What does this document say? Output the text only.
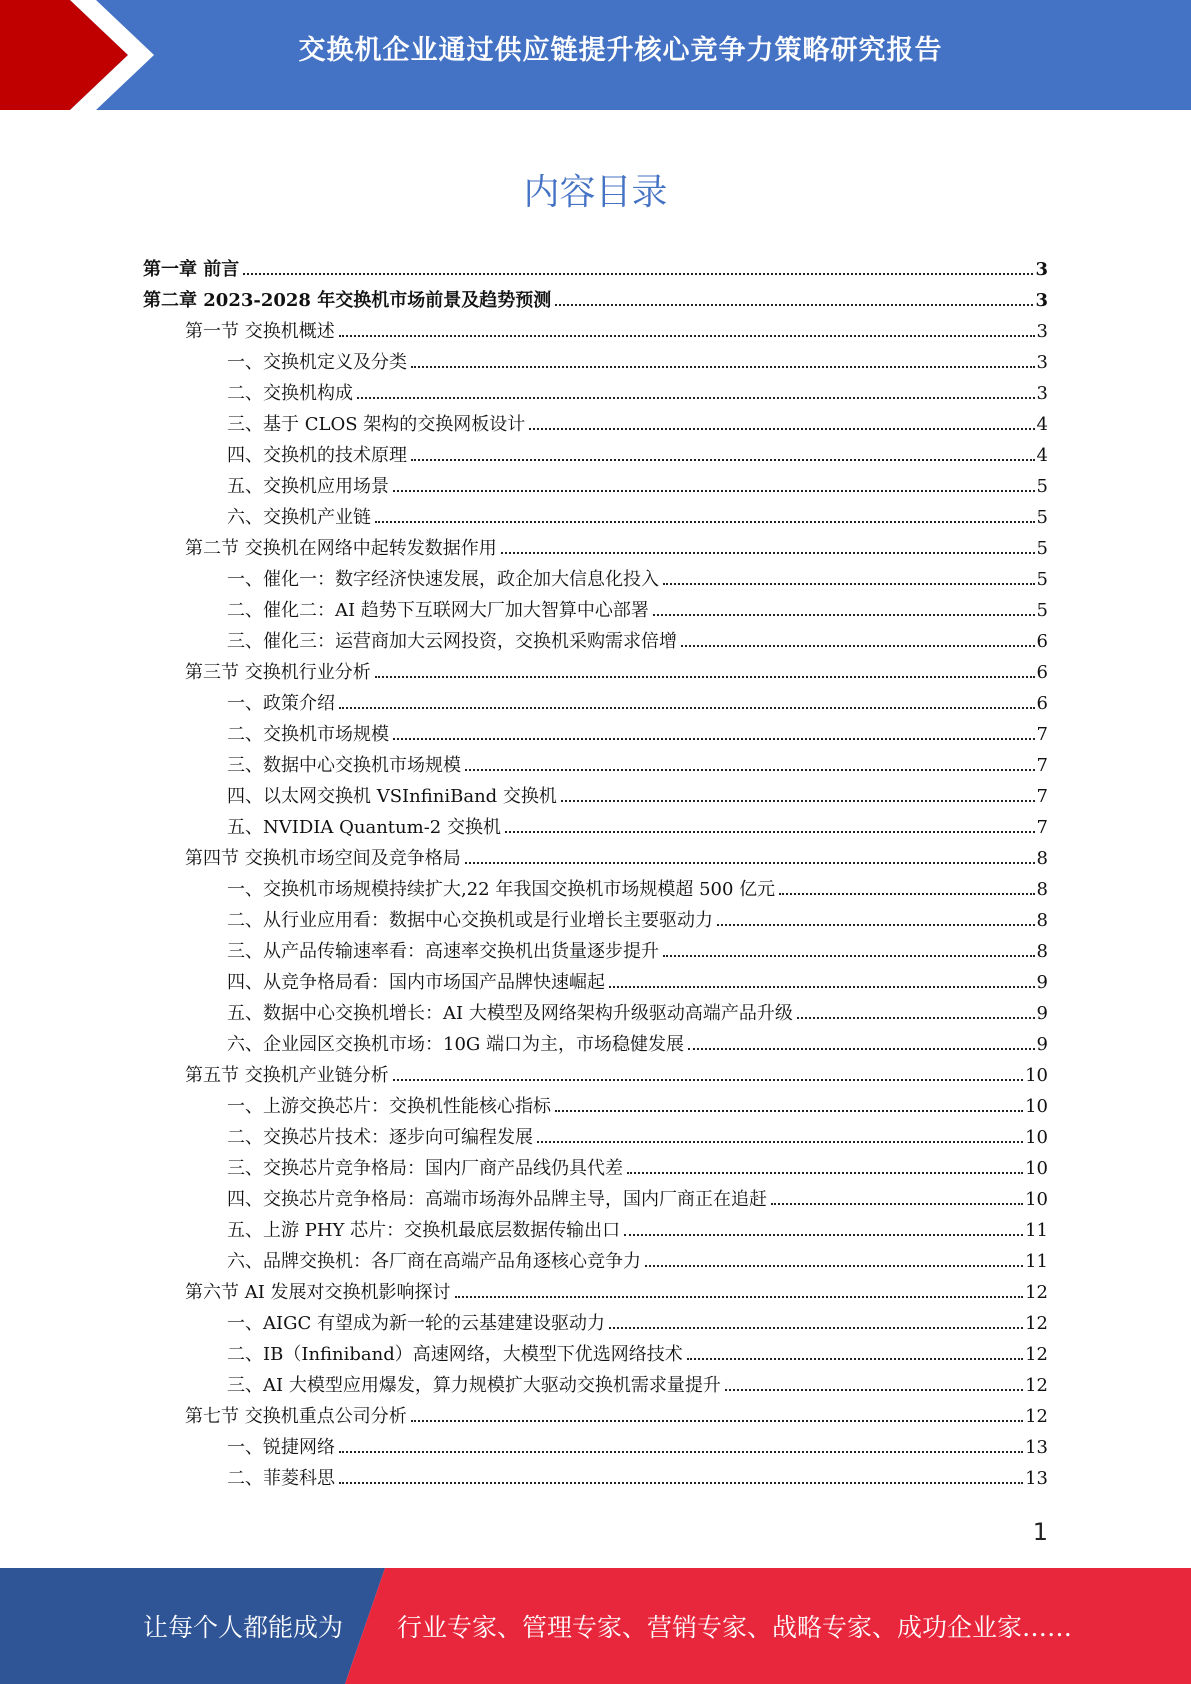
交换机企业通过供应链提升核心竞争力策略研究报告
内容目录
第一章 前言	3
第二章 2023-2028 年交换机市场前景及趋势预测	3
第一节 交换机概述	3
一、交换机定义及分类	3
二、交换机构成	3
三、基于 CLOS 架构的交换网板设计	4
四、交换机的技术原理	4
五、交换机应用场景	5
六、交换机产业链	5
第二节 交换机在网络中起转发数据作用	5
一、催化一：数字经济快速发展，政企加大信息化投入	5
二、催化二：AI 趋势下互联网大厂加大智算中心部署	5
三、催化三：运营商加大云网投资，交换机采购需求倍增	6
第三节 交换机行业分析	6
一、政策介绍	6
二、交换机市场规模	7
三、数据中心交换机市场规模	7
四、以太网交换机 VSInfiniBand 交换机	7
五、NVIDIA Quantum-2 交换机	7
第四节 交换机市场空间及竞争格局	8
一、交换机市场规模持续扩大,22 年我国交换机市场规模超 500 亿元	8
二、从行业应用看：数据中心交换机或是行业增长主要驱动力	8
三、从产品传输速率看：高速率交换机出货量逐步提升	8
四、从竞争格局看：国内市场国产品牌快速崛起	9
五、数据中心交换机增长：AI 大模型及网络架构升级驱动高端产品升级	9
六、企业园区交换机市场：10G 端口为主，市场稳健发展	9
第五节 交换机产业链分析	10
一、上游交换芯片：交换机性能核心指标	10
二、交换芯片技术：逐步向可编程发展	10
三、交换芯片竞争格局：国内厂商产品线仍具代差	10
四、交换芯片竞争格局：高端市场海外品牌主导，国内厂商正在追赶	10
五、上游 PHY 芯片：交换机最底层数据传输出口	11
六、品牌交换机：各厂商在高端产品角逐核心竞争力	11
第六节 AI 发展对交换机影响探讨	12
一、AIGC 有望成为新一轮的云基建建设驱动力	12
二、IB（Infiniband）高速网络，大模型下优选网络技术	12
三、AI 大模型应用爆发，算力规模扩大驱动交换机需求量提升	12
第七节 交换机重点公司分析	12
一、锐捷网络	13
二、菲菱科思	13
1
让每个人都能成为 行业专家、管理专家、营销专家、战略专家、成功企业家……
